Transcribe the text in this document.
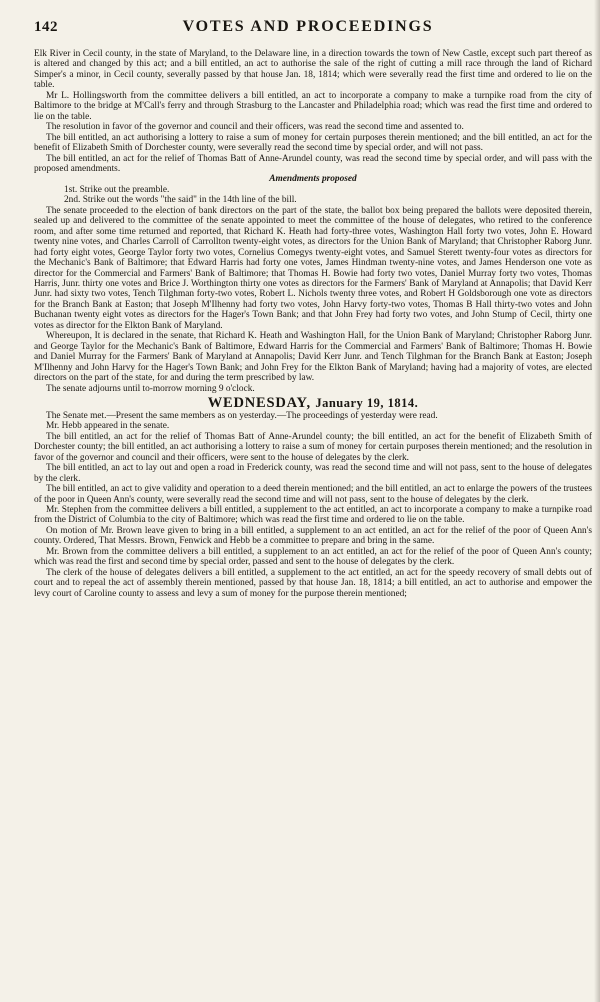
142	VOTES AND PROCEEDINGS

Elk River in Cecil county, in the state of Maryland, to the Delaware line, in a direction towards the town of New Castle, except such part thereof as is altered and changed by this act; and a bill entitled, an act to authorise the sale of the right of cutting a mill race through the land of Richard Simper's a minor, in Cecil county, severally passed by that house Jan. 18, 1814; which were severally read the first time and ordered to lie on the table.

Mr L. Hollingsworth from the committee delivers a bill entitled, an act to incorporate a company to make a turnpike road from the city of Baltimore to the bridge at M'Call's ferry and through Strasburg to the Lancaster and Philadelphia road; which was read the first time and ordered to lie on the table.

The resolution in favor of the governor and council and their officers, was read the second time and assented to.

The bill entitled, an act authorising a lottery to raise a sum of money for certain purposes therein mentioned; and the bill entitled, an act for the benefit of Elizabeth Smith of Dorchester county, were severally read the second time by special order, and will not pass.

The bill entitled, an act for the relief of Thomas Batt of Anne-Arundel county, was read the second time by special order, and will pass with the proposed amendments.

Amendments proposed

1st. Strike out the preamble.

2nd. Strike out the words "the said" in the 14th line of the bill.

The senate proceeded to the election of bank directors on the part of the state, the ballot box being prepared the ballots were deposited therein, sealed up and delivered to the committee of the senate appointed to meet the committee of the house of delegates, who retired to the conference room, and after some time returned and reported, that Richard K. Heath had forty-three votes, Washington Hall forty two votes, John E. Howard twenty nine votes, and Charles Carroll of Carrollton twenty-eight votes, as directors for the Union Bank of Maryland; that Christopher Raborg Junr. had forty eight votes, George Taylor forty two votes, Cornelius Comegys twenty-eight votes, and Samuel Sterett twenty-four votes as directors for the Mechanic's Bank of Baltimore; that Edward Harris had forty one votes, James Hindman twenty-nine votes, and James Henderson one vote as director for the Commercial and Farmers' Bank of Baltimore; that Thomas H. Bowie had forty two votes, Daniel Murray forty two votes, Thomas Harris, Junr. thirty one votes and Brice J. Worthington thirty one votes as directors for the Farmers' Bank of Maryland at Annapolis; that David Kerr Junr. had sixty two votes, Tench Tilghman forty-two votes, Robert L. Nichols twenty three votes, and Robert H Goldsborough one vote as directors for the Branch Bank at Easton; that Joseph M'Ilhenny had forty two votes, John Harvy forty-two votes, Thomas B Hall thirty-two votes and John Buchanan twenty eight votes as directors for the Hager's Town Bank; and that John Frey had forty two votes, and John Stump of Cecil, thirty one votes as director for the Elkton Bank of Maryland.

Whereupon, It is declared in the senate, that Richard K. Heath and Washington Hall, for the Union Bank of Maryland; Christopher Raborg Junr. and George Taylor for the Mechanic's Bank of Baltimore, Edward Harris for the Commercial and Farmers' Bank of Baltimore; Thomas H. Bowie and Daniel Murray for the Farmers' Bank of Maryland at Annapolis; David Kerr Junr. and Tench Tilghman for the Branch Bank at Easton; Joseph M'Ilhenny and John Harvy for the Hager's Town Bank; and John Frey for the Elkton Bank of Maryland; having had a majority of votes, are elected directors on the part of the state, for and during the term prescribed by law.

The senate adjourns until to-morrow morning 9 o'clock.

WEDNESDAY, January 19, 1814.

The Senate met.—Present the same members as on yesterday.—The proceedings of yesterday were read.

Mr. Hebb appeared in the senate.

The bill entitled, an act for the relief of Thomas Batt of Anne-Arundel county; the bill entitled, an act for the benefit of Elizabeth Smith of Dorchester county; the bill entitled, an act authorising a lottery to raise a sum of money for certain purposes therein mentioned; and the resolution in favor of the governor and council and their officers, were sent to the house of delegates by the clerk.

The bill entitled, an act to lay out and open a road in Frederick county, was read the second time and will not pass, sent to the house of delegates by the clerk.

The bill entitled, an act to give validity and operation to a deed therein mentioned; and the bill entitled, an act to enlarge the powers of the trustees of the poor in Queen Ann's county, were severally read the second time and will not pass, sent to the house of delegates by the clerk.

Mr. Stephen from the committee delivers a bill entitled, a supplement to the act entitled, an act to incorporate a company to make a turnpike road from the District of Columbia to the city of Baltimore; which was read the first time and ordered to lie on the table.

On motion of Mr. Brown leave given to bring in a bill entitled, a supplement to an act entitled, an act for the relief of the poor of Queen Ann's county. Ordered, That Messrs. Brown, Fenwick and Hebb be a committee to prepare and bring in the same.

Mr. Brown from the committee delivers a bill entitled, a supplement to an act entitled, an act for the relief of the poor of Queen Ann's county; which was read the first and second time by special order, passed and sent to the house of delegates by the clerk.

The clerk of the house of delegates delivers a bill entitled, a supplement to the act entitled, an act for the speedy recovery of small debts out of court and to repeal the act of assembly therein mentioned, passed by that house Jan. 18, 1814; a bill entitled, an act to authorise and empower the levy court of Caroline county to assess and levy a sum of money for the purpose therein mentioned;
